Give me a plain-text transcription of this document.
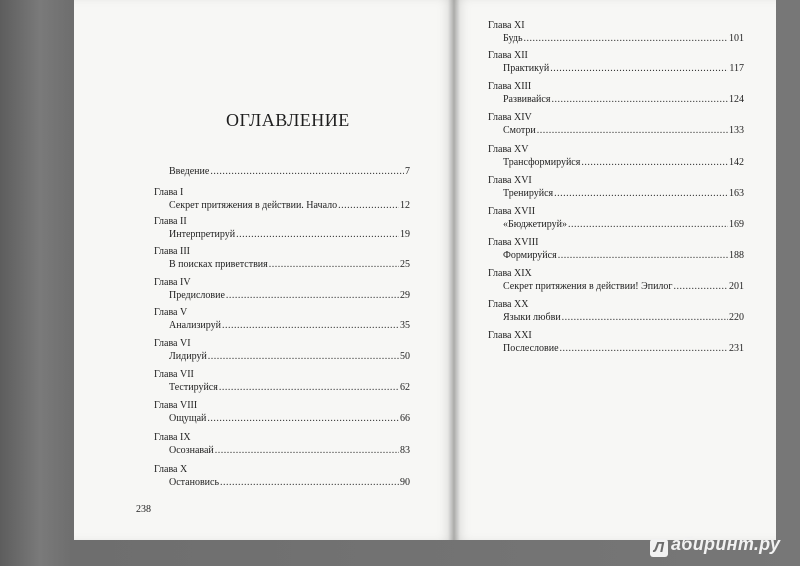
ОГЛАВЛЕНИЕ
Введение .....	7
Глава I
Секрет притяжения в действии. Начало .....	12
Глава II
Интерпретируй .....	19
Глава III
В поисках приветствия .....	25
Глава IV
Предисловие .....	29
Глава V
Анализируй .....	35
Глава VI
Лидируй .....	50
Глава VII
Тестируйся .....	62
Глава VIII
Ощущай .....	66
Глава IX
Осознавай .....	83
Глава X
Остановись .....	90
Глава XI
Будь .....	101
Глава XII
Практикуй .....	117
Глава XIII
Развивайся .....	124
Глава XIV
Смотри .....	133
Глава XV
Трансформируйся .....	142
Глава XVI
Тренируйся .....	163
Глава XVII
«Бюджетируй» .....	169
Глава XVIII
Формируйся .....	188
Глава XIX
Секрет притяжения в действии! Эпилог .....	201
Глава XX
Языки любви .....	220
Глава XXI
Послесловие .....	231
238
Л абиринт.ру
